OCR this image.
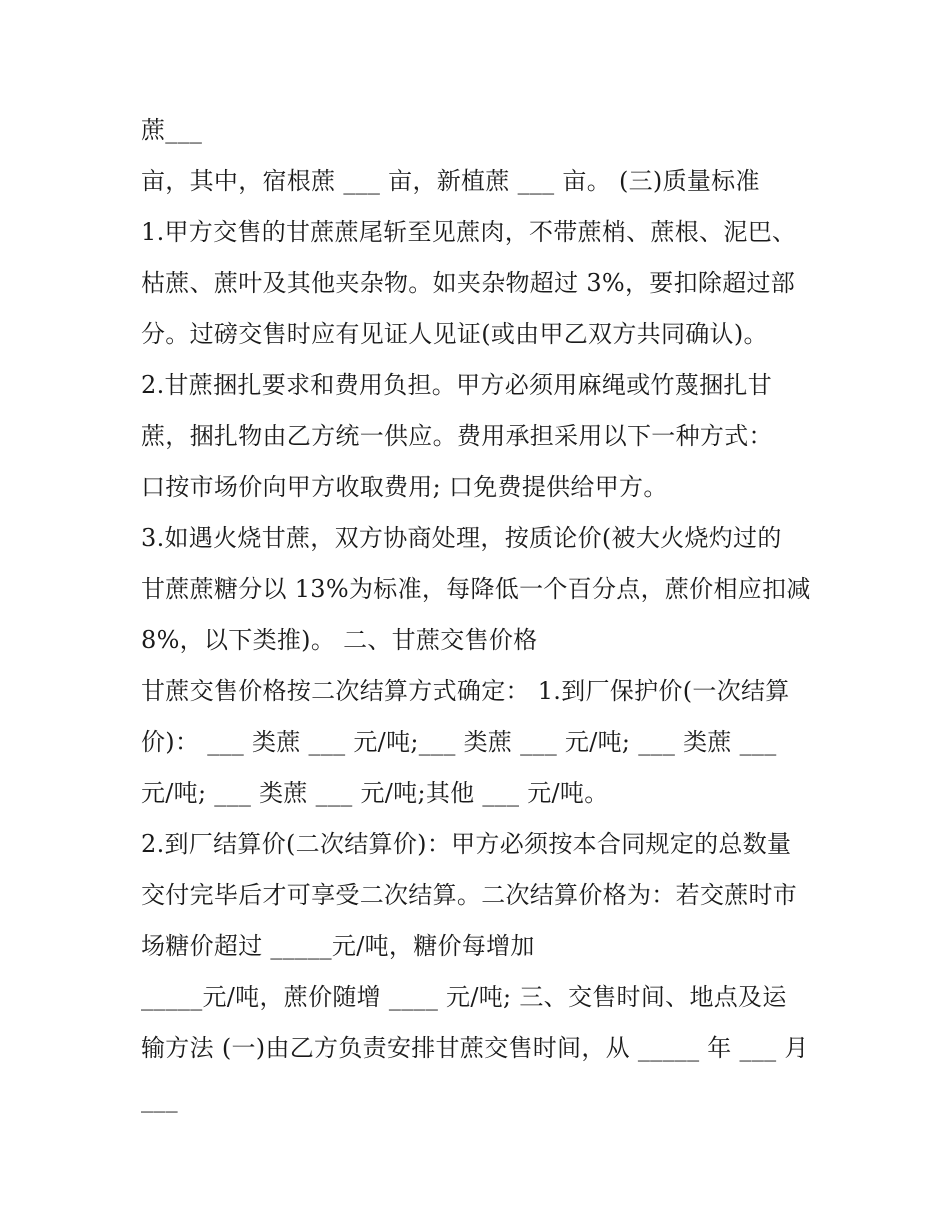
蔗___
亩，其中，宿根蔗 ___ 亩，新植蔗 ___ 亩。 (三)质量标准
1.甲方交售的甘蔗蔗尾斩至见蔗肉，不带蔗梢、蔗根、泥巴、
枯蔗、蔗叶及其他夹杂物。如夹杂物超过 3%，要扣除超过部
分。过磅交售时应有见证人见证(或由甲乙双方共同确认)。
2.甘蔗捆扎要求和费用负担。甲方必须用麻绳或竹蔑捆扎甘
蔗，捆扎物由乙方统一供应。费用承担采用以下一种方式：
口按市场价向甲方收取费用; 口免费提供给甲方。
3.如遇火烧甘蔗，双方协商处理，按质论价(被大火烧灼过的
甘蔗蔗糖分以 13%为标准，每降低一个百分点，蔗价相应扣减
8%，以下类推)。 二、甘蔗交售价格
甘蔗交售价格按二次结算方式确定： 1.到厂保护价(一次结算
价)： ___ 类蔗 ___ 元/吨;___ 类蔗 ___ 元/吨; ___ 类蔗 ___
元/吨; ___ 类蔗 ___ 元/吨;其他 ___ 元/吨。
2.到厂结算价(二次结算价)：甲方必须按本合同规定的总数量
交付完毕后才可享受二次结算。二次结算价格为：若交蔗时市
场糖价超过 _____元/吨，糖价每增加
_____元/吨，蔗价随增 ____ 元/吨; 三、交售时间、地点及运
输方法 (一)由乙方负责安排甘蔗交售时间，从 _____ 年 ___ 月
___
